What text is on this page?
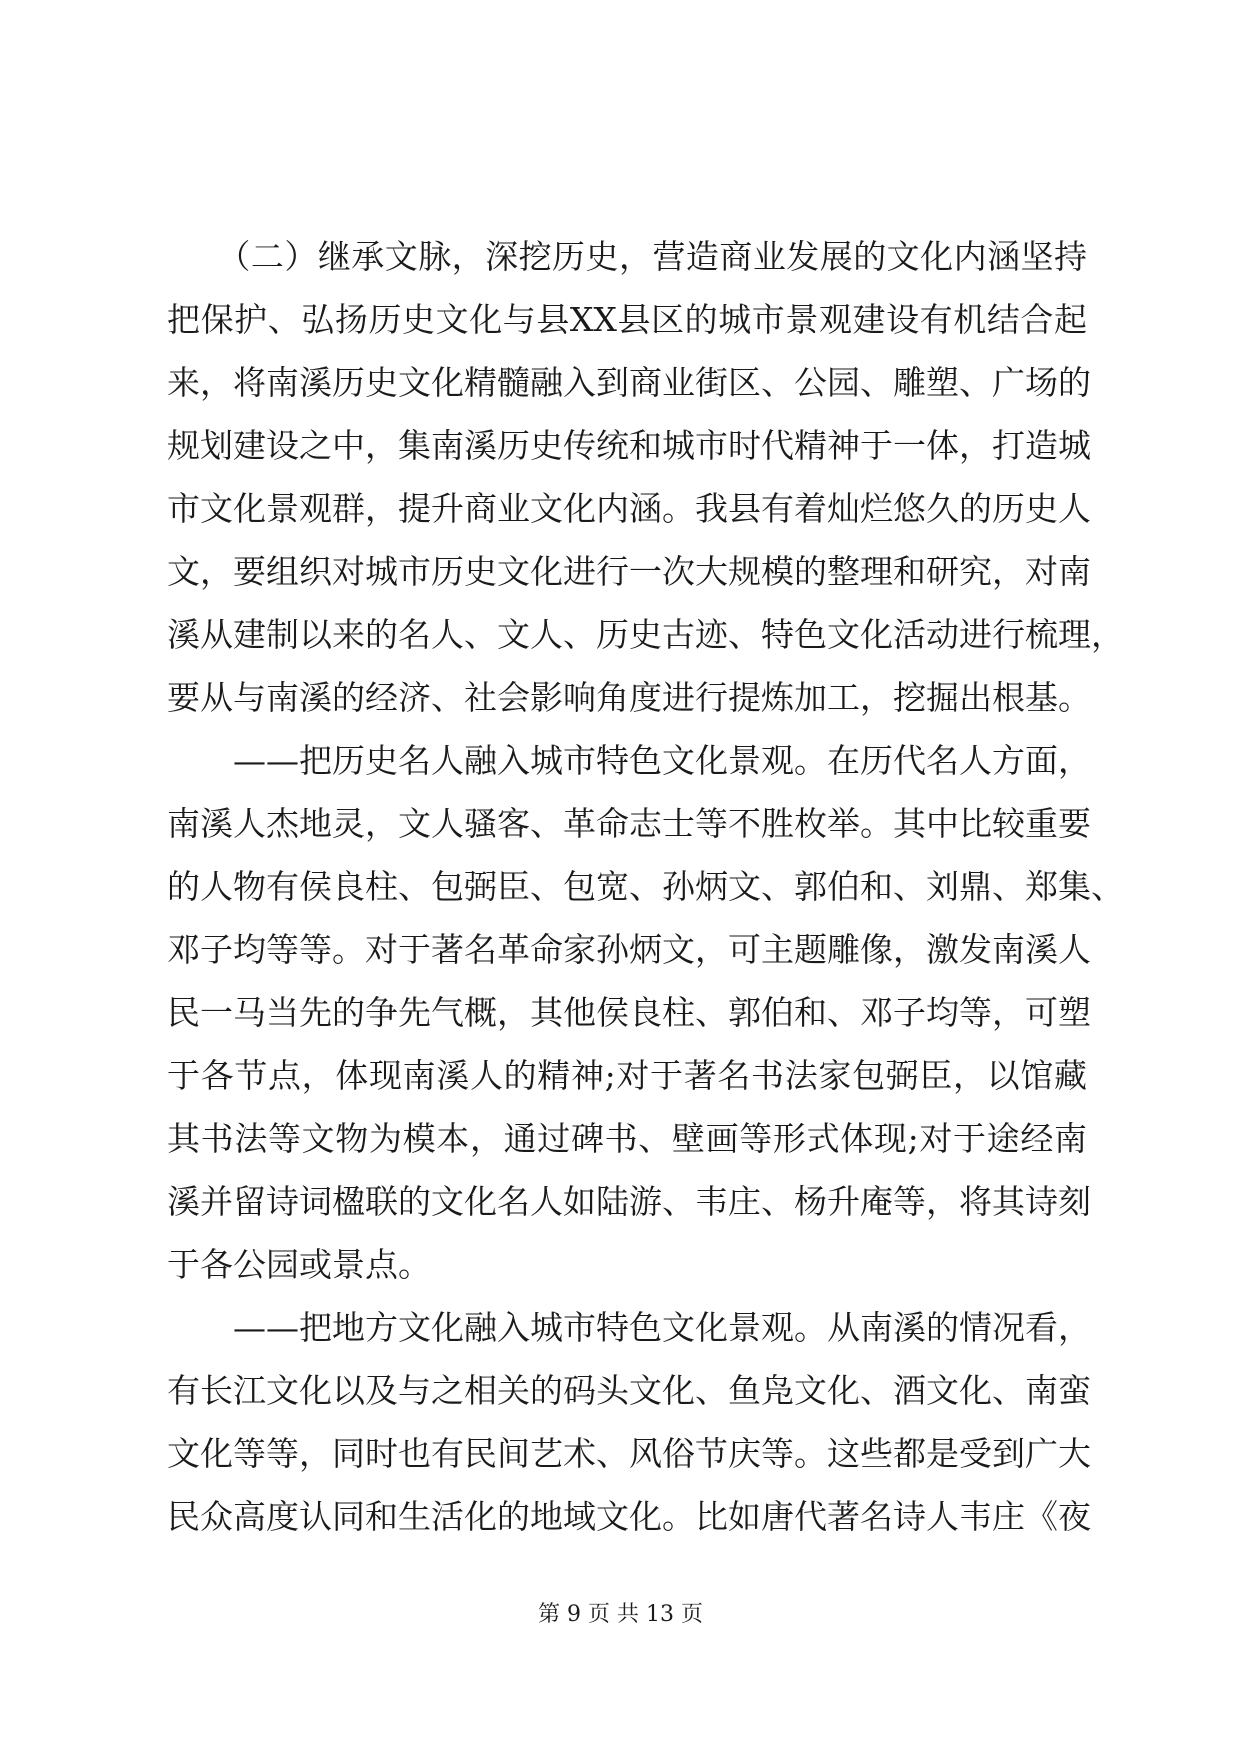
　　（二）继承文脉，深挖历史，营造商业发展的文化内涵坚持
把保护、弘扬历史文化与县XX县区的城市景观建设有机结合起
来，将南溪历史文化精髓融入到商业街区、公园、雕塑、广场的
规划建设之中，集南溪历史传统和城市时代精神于一体，打造城
市文化景观群，提升商业文化内涵。我县有着灿烂悠久的历史人
文，要组织对城市历史文化进行一次大规模的整理和研究，对南
溪从建制以来的名人、文人、历史古迹、特色文化活动进行梳理，
要从与南溪的经济、社会影响角度进行提炼加工，挖掘出根基。
　　——把历史名人融入城市特色文化景观。在历代名人方面，
南溪人杰地灵，文人骚客、革命志士等不胜枚举。其中比较重要
的人物有侯良柱、包弼臣、包宽、孙炳文、郭伯和、刘鼎、郑集、
邓子均等等。对于著名革命家孙炳文，可主题雕像，激发南溪人
民一马当先的争先气概，其他侯良柱、郭伯和、邓子均等，可塑
于各节点，体现南溪人的精神;对于著名书法家包弼臣，以馆藏
其书法等文物为模本，通过碑书、壁画等形式体现;对于途经南
溪并留诗词楹联的文化名人如陆游、韦庄、杨升庵等，将其诗刻
于各公园或景点。
　　——把地方文化融入城市特色文化景观。从南溪的情况看，
有长江文化以及与之相关的码头文化、鱼凫文化、酒文化、南蛮
文化等等，同时也有民间艺术、风俗节庆等。这些都是受到广大
民众高度认同和生活化的地域文化。比如唐代著名诗人韦庄《夜
第 9 页 共 13 页
